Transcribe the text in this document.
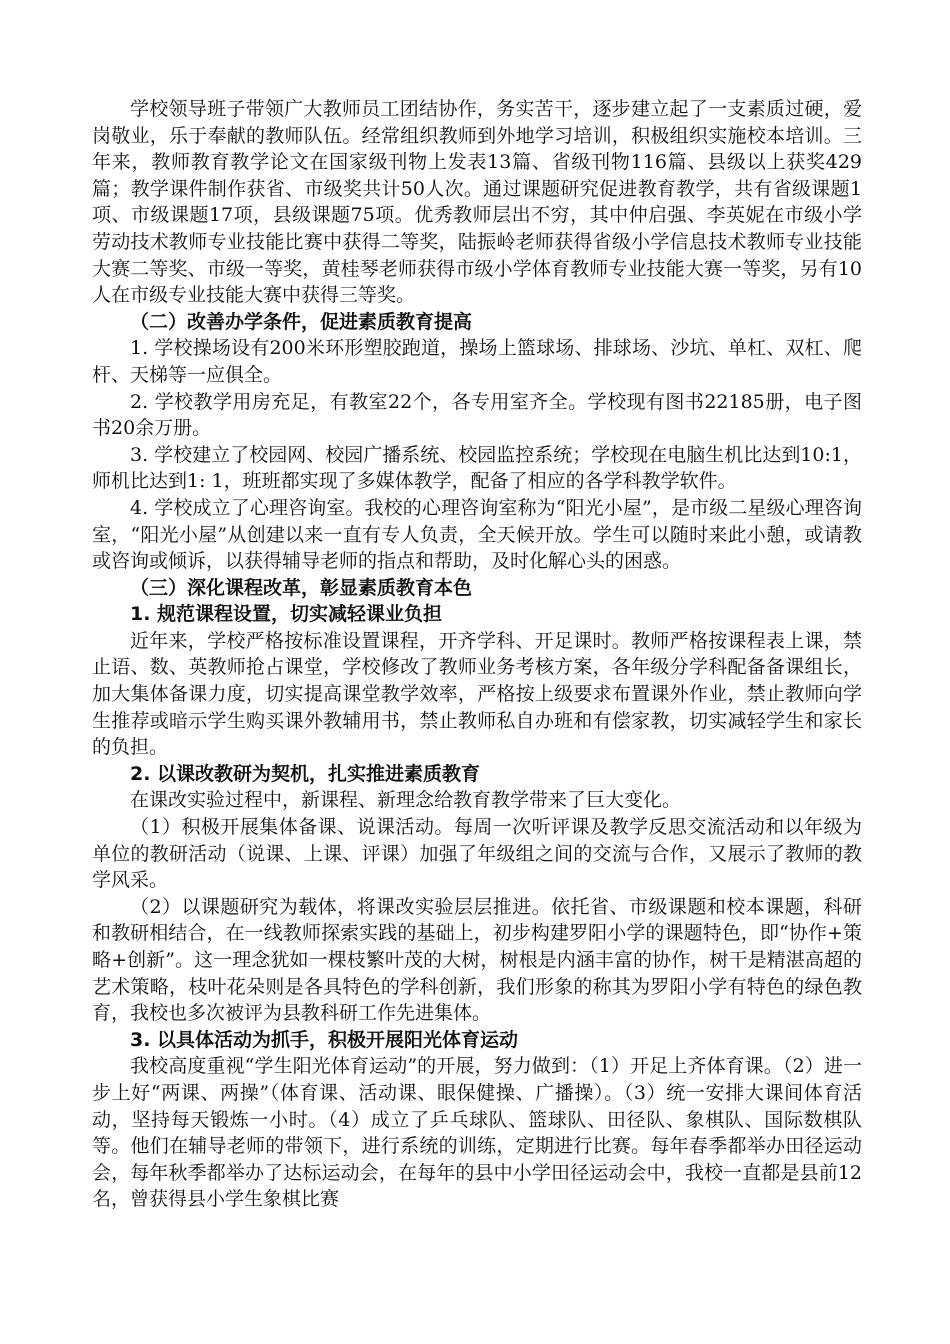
学校领导班子带领广大教师员工团结协作，务实苦干，逐步建立起了一支素质过硬，爱岗敬业，乐于奉献的教师队伍。经常组织教师到外地学习培训，积极组织实施校本培训。三年来，教师教育教学论文在国家级刊物上发表13篇、省级刊物116篇、县级以上获奖429篇；教学课件制作获省、市级奖共计50人次。通过课题研究促进教育教学，共有省级课题1项、市级课题17项，县级课题75项。优秀教师层出不穷，其中仲启强、李英妮在市级小学劳动技术教师专业技能比赛中获得二等奖，陆振岭老师获得省级小学信息技术教师专业技能大赛二等奖、市级一等奖，黄桂琴老师获得市级小学体育教师专业技能大赛一等奖，另有10人在市级专业技能大赛中获得三等奖。

（二）改善办学条件，促进素质教育提高

1. 学校操场设有200米环形塑胶跑道，操场上篮球场、排球场、沙坑、单杠、双杠、爬杆、天梯等一应俱全。

2. 学校教学用房充足，有教室22个，各专用室齐全。学校现有图书22185册，电子图书20余万册。

3. 学校建立了校园网、校园广播系统、校园监控系统；学校现在电脑生机比达到10:1，师机比达到1: 1，班班都实现了多媒体教学，配备了相应的各学科教学软件。

4. 学校成立了心理咨询室。我校的心理咨询室称为“阳光小屋”，是市级二星级心理咨询室，“阳光小屋”从创建以来一直有专人负责，全天候开放。学生可以随时来此小憩，或请教或咨询或倾诉，以获得辅导老师的指点和帮助，及时化解心头的困惑。

（三）深化课程改革，彰显素质教育本色

1. 规范课程设置，切实减轻课业负担

近年来，学校严格按标准设置课程，开齐学科、开足课时。教师严格按课程表上课，禁止语、数、英教师抢占课堂，学校修改了教师业务考核方案，各年级分学科配备备课组长，加大集体备课力度，切实提高课堂教学效率，严格按上级要求布置课外作业，禁止教师向学生推荐或暗示学生购买课外教辅用书，禁止教师私自办班和有偿家教，切实减轻学生和家长的负担。

2. 以课改教研为契机，扎实推进素质教育

在课改实验过程中，新课程、新理念给教育教学带来了巨大变化。

（1）积极开展集体备课、说课活动。每周一次听评课及教学反思交流活动和以年级为单位的教研活动（说课、上课、评课）加强了年级组之间的交流与合作，又展示了教师的教学风采。

（2）以课题研究为载体，将课改实验层层推进。依托省、市级课题和校本课题，科研和教研相结合，在一线教师探索实践的基础上，初步构建罗阳小学的课题特色，即“协作+策略+创新”。这一理念犹如一棵枝繁叶茂的大树，树根是内涵丰富的协作，树干是精湛高超的艺术策略，枝叶花朵则是各具特色的学科创新，我们形象的称其为罗阳小学有特色的绿色教育，我校也多次被评为县教科研工作先进集体。

3. 以具体活动为抓手，积极开展阳光体育运动

我校高度重视“学生阳光体育运动”的开展，努力做到：（1）开足上齐体育课。（2）进一步上好“两课、两操”（体育课、活动课、眼保健操、广播操）。（3）统一安排大课间体育活动，坚持每天锻炼一小时。（4）成立了乒乓球队、篮球队、田径队、象棋队、国际数棋队等。他们在辅导老师的带领下，进行系统的训练，定期进行比赛。每年春季都举办田径运动会，每年秋季都举办了达标运动会，在每年的县中小学田径运动会中，我校一直都是县前12名，曾获得县小学生象棋比赛
